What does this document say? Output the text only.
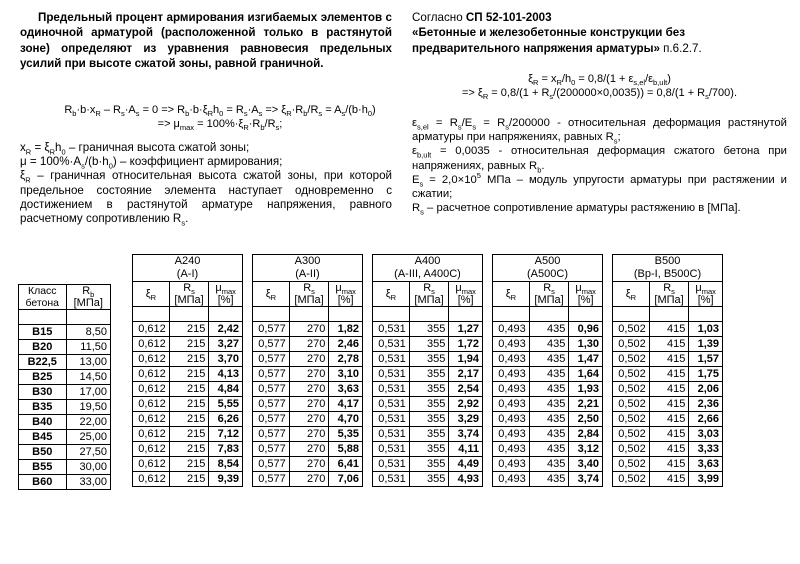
Предельный процент армирования изгибаемых элементов с одиночной арматурой (расположенной только в растянутой зоне) определяют из уравнения равновесия предельных усилий при высоте сжатой зоны, равной граничной.
$R_b\cdot b\cdot x_R - R_s\cdot A_s = 0 => R_b\cdot b\cdot\xi_Rh_0 = R_s\cdot A_s => \xi_R\cdot R_b/R_s = A_s/(b\cdot h_0)$
=> $\mu_{max} = 100\%\cdot\xi_R\cdot R_b/R_s$;

$x_R = \xi_Rh_0$ – граничная высота сжатой зоны;

$\mu = 100\%\cdot A_s/(b\cdot h_0)$ – коэффициент армирования;

$\xi_R$ – граничная относительная высота сжатой зоны, при которой предельное состояние элемента наступает одновременно с достижением в растянутой арматуре напряжения, равного расчетному сопротивлению $R_s$.

Согласно СП 52-101-2003
«Бетонные и железобетонные конструкции без предварительного напряжения арматуры» п.6.2.7.
$\xi_R = x_R/h_0 = 0,8/(1 + \varepsilon_{s,el}/\varepsilon_{b,ult})$
=> $\xi_R = 0,8/(1 + R_s/(200000\times 0,0035)) = 0,8/(1 + R_s/700)$.

$\varepsilon_{s,el} = R_s/E_s = R_s/200000$ - относительная деформация растянутой арматуры при напряжениях, равных $R_s$;

$\varepsilon_{b,ult} = 0,0035$ - относительная деформация сжатого бетона при напряжениях, равных $R_b$.

$E_s = 2,0\times 10^5$ МПа – модуль упругости арматуры при растяжении и сжатии;

$R_s$ – расчетное сопротивление арматуры растяжению в [МПа].

Класс бетона	$R_b$
[МПа]

B15	8,50
B20	11,50
B22,5	13,00
B25	14,50
B30	17,00
B35	19,50
B40	22,00
B45	25,00
B50	27,50
B55	30,00
B60	33,00
A240
(A-I)		
$\xi_R$	$R_s$
[МПа]	$\mu_{max}$
[%]

0,612	215	2,42
0,612	215	3,27
0,612	215	3,70
0,612	215	4,13
0,612	215	4,84
0,612	215	5,55
0,612	215	6,26
0,612	215	7,12
0,612	215	7,83
0,612	215	8,54
0,612	215	9,39
A300
(A-II)		
$\xi_R$	$R_s$
[МПа]	$\mu_{max}$
[%]

0,577	270	1,82
0,577	270	2,46
0,577	270	2,78
0,577	270	3,10
0,577	270	3,63
0,577	270	4,17
0,577	270	4,70
0,577	270	5,35
0,577	270	5,88
0,577	270	6,41
0,577	270	7,06
A400
(A-III, A400C)		
$\xi_R$	$R_s$
[МПа]	$\mu_{max}$
[%]

0,531	355	1,27
0,531	355	1,72
0,531	355	1,94
0,531	355	2,17
0,531	355	2,54
0,531	355	2,92
0,531	355	3,29
0,531	355	3,74
0,531	355	4,11
0,531	355	4,49
0,531	355	4,93
A500
(A500C)		
$\xi_R$	$R_s$
[МПа]	$\mu_{max}$
[%]

0,493	435	0,96
0,493	435	1,30
0,493	435	1,47
0,493	435	1,64
0,493	435	1,93
0,493	435	2,21
0,493	435	2,50
0,493	435	2,84
0,493	435	3,12
0,493	435	3,40
0,493	435	3,74
B500
(Bp-I, B500C)		
$\xi_R$	$R_s$
[МПа]	$\mu_{max}$
[%]

0,502	415	1,03
0,502	415	1,39
0,502	415	1,57
0,502	415	1,75
0,502	415	2,06
0,502	415	2,36
0,502	415	2,66
0,502	415	3,03
0,502	415	3,33
0,502	415	3,63
0,502	415	3,99
